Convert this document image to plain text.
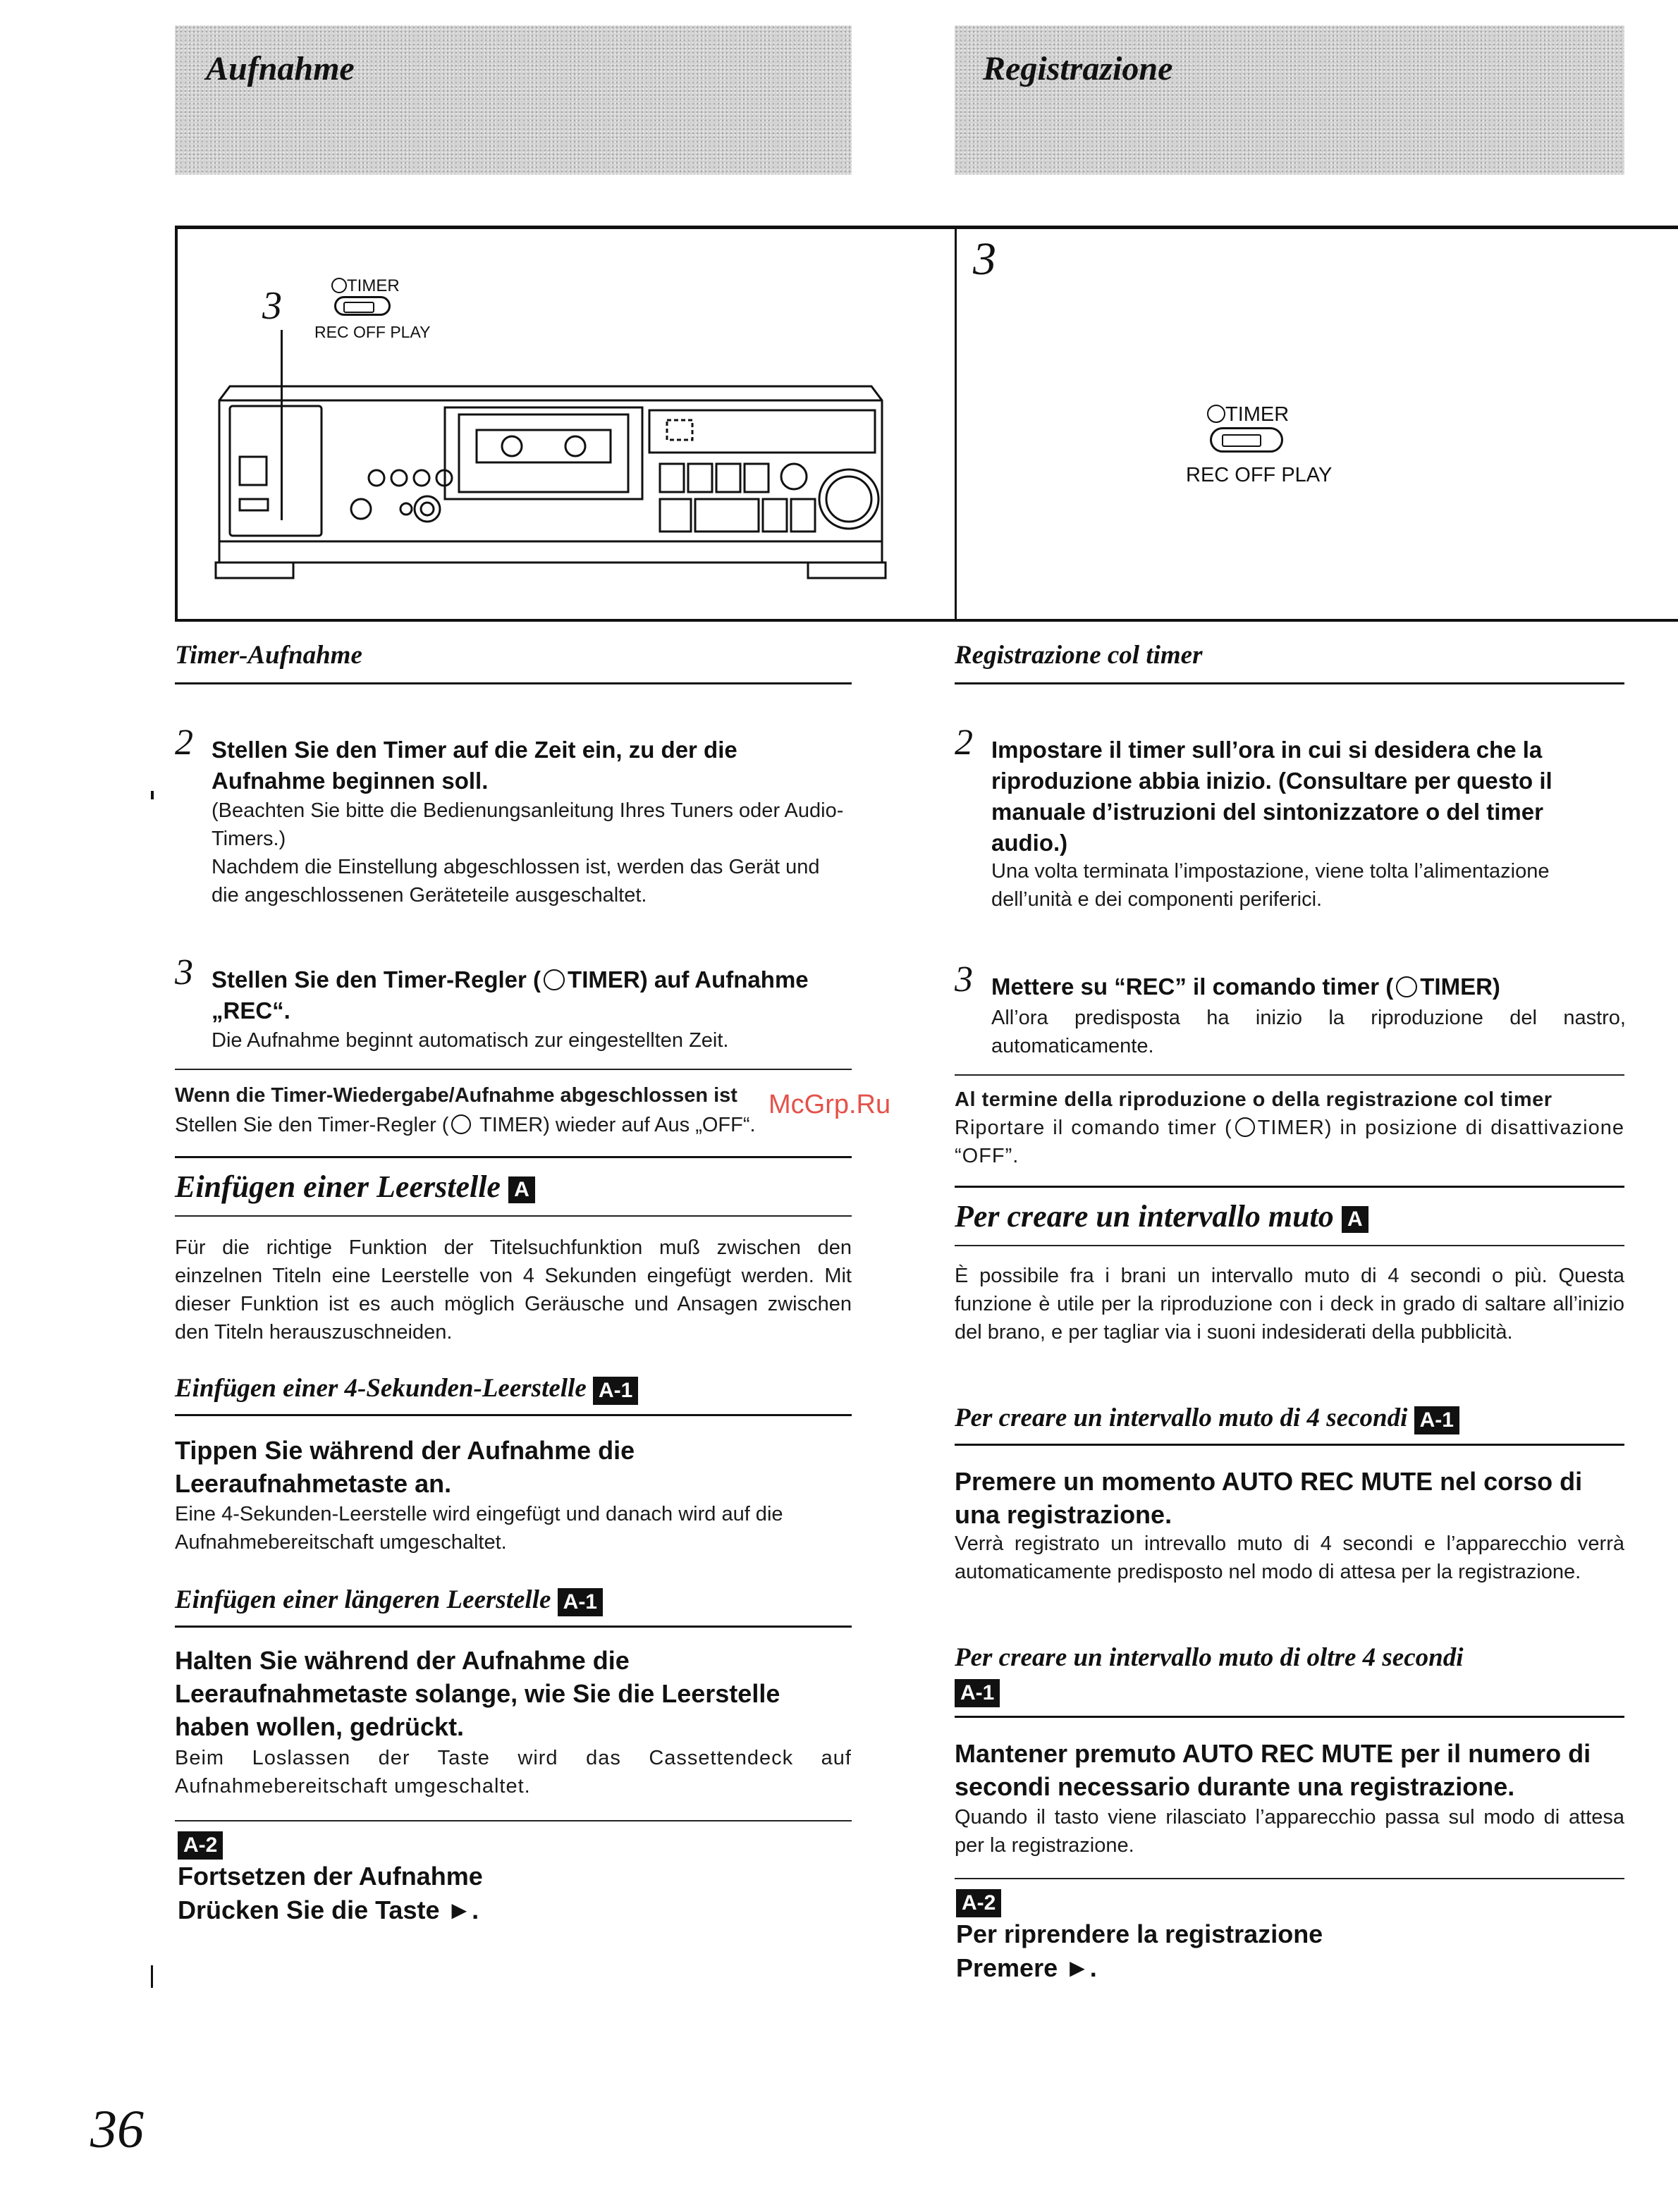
Aufnahme	Registrazione
3	TIMER
REC OFF PLAY
3
TIMER
REC OFF PLAY
Timer-Aufnahme
2 Stellen Sie den Timer auf die Zeit ein, zu der die Aufnahme beginnen soll.
(Beachten Sie bitte die Bedienungsanleitung Ihres Tuners oder Audio-Timers.)
Nachdem die Einstellung abgeschlossen ist, werden das Gerät und die angeschlossenen Geräteteile ausgeschaltet.
3 Stellen Sie den Timer-Regler ( TIMER) auf Aufnahme „REC“.
Die Aufnahme beginnt automatisch zur eingestellten Zeit.
Wenn die Timer-Wiedergabe/Aufnahme abgeschlossen ist
Stellen Sie den Timer-Regler ( TIMER) wieder auf Aus „OFF“.
Einfügen einer Leerstelle A
Für die richtige Funktion der Titelsuchfunktion muß zwischen den einzelnen Titeln eine Leerstelle von 4 Sekunden eingefügt werden. Mit dieser Funktion ist es auch möglich Geräusche und Ansagen zwischen den Titeln herauszuschneiden.
Einfügen einer 4-Sekunden-Leerstelle A-1
Tippen Sie während der Aufnahme die Leeraufnahmetaste an.
Eine 4-Sekunden-Leerstelle wird eingefügt und danach wird auf die Aufnahmebereitschaft umgeschaltet.
Einfügen einer längeren Leerstelle A-1
Halten Sie während der Aufnahme die Leeraufnahmetaste solange, wie Sie die Leerstelle haben wollen, gedrückt.
Beim Loslassen der Taste wird das Cassettendeck auf Aufnahmebereitschaft umgeschaltet.
A-2
Fortsetzen der Aufnahme
Drücken Sie die Taste ►.
Registrazione col timer
2 Impostare il timer sull’ora in cui si desidera che la riproduzione abbia inizio. (Consultare per questo il manuale d’istruzioni del sintonizzatore o del timer audio.)
Una volta terminata l’impostazione, viene tolta l’alimentazione dell’unità e dei componenti periferici.
3 Mettere su “REC” il comando timer ( TIMER)
All’ora predisposta ha inizio la riproduzione del nastro, automaticamente.
Al termine della riproduzione o della registrazione col timer
Riportare il comando timer ( TIMER) in posizione di disattivazione “OFF”.
Per creare un intervallo muto A
È possibile fra i brani un intervallo muto di 4 secondi o più. Questa funzione è utile per la riproduzione con i deck in grado di saltare all’inizio del brano, e per tagliar via i suoni indesiderati della pubblicità.
Per creare un intervallo muto di 4 secondi A-1
Premere un momento AUTO REC MUTE nel corso di una registrazione.
Verrà registrato un intrevallo muto di 4 secondi e l’apparecchio verrà automaticamente predisposto nel modo di attesa per la registrazione.
Per creare un intervallo muto di oltre 4 secondi
A-1
Mantener premuto AUTO REC MUTE per il numero di secondi necessario durante una registrazione.
Quando il tasto viene rilasciato l’apparecchio passa sul modo di attesa per la registrazione.
A-2
Per riprendere la registrazione
Premere ►.
McGrp.Ru
36
